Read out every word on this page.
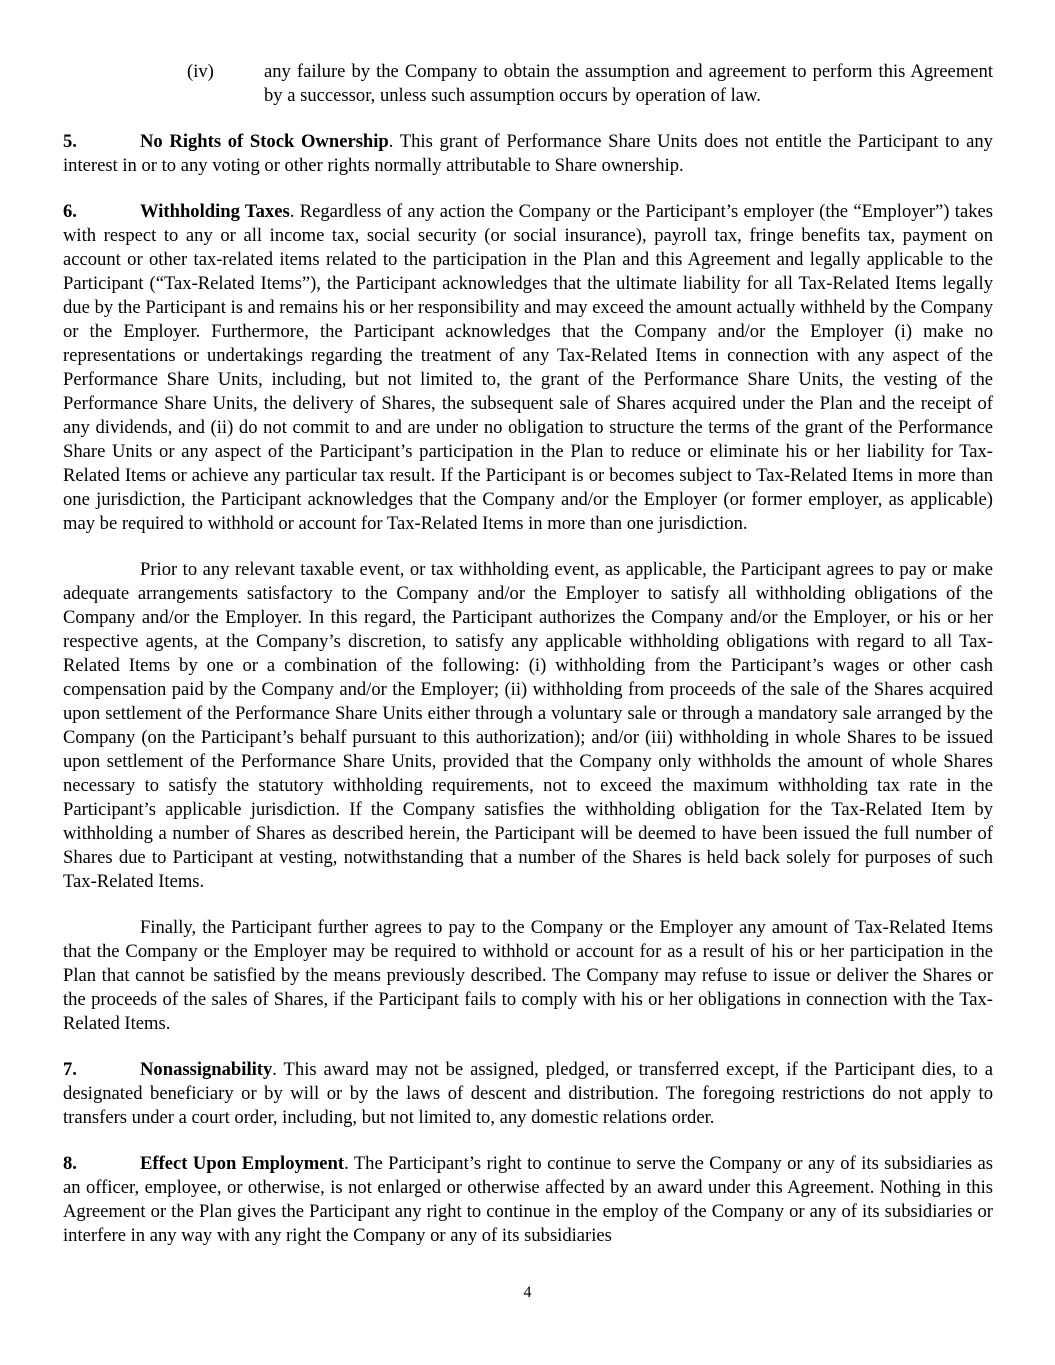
(iv)	any failure by the Company to obtain the assumption and agreement to perform this Agreement by a successor, unless such assumption occurs by operation of law.

5.	No Rights of Stock Ownership. This grant of Performance Share Units does not entitle the Participant to any interest in or to any voting or other rights normally attributable to Share ownership.

6.	Withholding Taxes. Regardless of any action the Company or the Participant’s employer (the “Employer”) takes with respect to any or all income tax, social security (or social insurance), payroll tax, fringe benefits tax, payment on account or other tax-related items related to the participation in the Plan and this Agreement and legally applicable to the Participant (“Tax-Related Items”), the Participant acknowledges that the ultimate liability for all Tax-Related Items legally due by the Participant is and remains his or her responsibility and may exceed the amount actually withheld by the Company or the Employer. Furthermore, the Participant acknowledges that the Company and/or the Employer (i) make no representations or undertakings regarding the treatment of any Tax-Related Items in connection with any aspect of the Performance Share Units, including, but not limited to, the grant of the Performance Share Units, the vesting of the Performance Share Units, the delivery of Shares, the subsequent sale of Shares acquired under the Plan and the receipt of any dividends, and (ii) do not commit to and are under no obligation to structure the terms of the grant of the Performance Share Units or any aspect of the Participant’s participation in the Plan to reduce or eliminate his or her liability for Tax-Related Items or achieve any particular tax result. If the Participant is or becomes subject to Tax-Related Items in more than one jurisdiction, the Participant acknowledges that the Company and/or the Employer (or former employer, as applicable) may be required to withhold or account for Tax-Related Items in more than one jurisdiction.

Prior to any relevant taxable event, or tax withholding event, as applicable, the Participant agrees to pay or make adequate arrangements satisfactory to the Company and/or the Employer to satisfy all withholding obligations of the Company and/or the Employer. In this regard, the Participant authorizes the Company and/or the Employer, or his or her respective agents, at the Company’s discretion, to satisfy any applicable withholding obligations with regard to all Tax-Related Items by one or a combination of the following: (i) withholding from the Participant’s wages or other cash compensation paid by the Company and/or the Employer; (ii) withholding from proceeds of the sale of the Shares acquired upon settlement of the Performance Share Units either through a voluntary sale or through a mandatory sale arranged by the Company (on the Participant’s behalf pursuant to this authorization); and/or (iii) withholding in whole Shares to be issued upon settlement of the Performance Share Units, provided that the Company only withholds the amount of whole Shares necessary to satisfy the statutory withholding requirements, not to exceed the maximum withholding tax rate in the Participant’s applicable jurisdiction. If the Company satisfies the withholding obligation for the Tax-Related Item by withholding a number of Shares as described herein, the Participant will be deemed to have been issued the full number of Shares due to Participant at vesting, notwithstanding that a number of the Shares is held back solely for purposes of such Tax-Related Items.

Finally, the Participant further agrees to pay to the Company or the Employer any amount of Tax-Related Items that the Company or the Employer may be required to withhold or account for as a result of his or her participation in the Plan that cannot be satisfied by the means previously described. The Company may refuse to issue or deliver the Shares or the proceeds of the sales of Shares, if the Participant fails to comply with his or her obligations in connection with the Tax-Related Items.

7.	Nonassignability. This award may not be assigned, pledged, or transferred except, if the Participant dies, to a designated beneficiary or by will or by the laws of descent and distribution. The foregoing restrictions do not apply to transfers under a court order, including, but not limited to, any domestic relations order.

8.	Effect Upon Employment. The Participant’s right to continue to serve the Company or any of its subsidiaries as an officer, employee, or otherwise, is not enlarged or otherwise affected by an award under this Agreement. Nothing in this Agreement or the Plan gives the Participant any right to continue in the employ of the Company or any of its subsidiaries or interfere in any way with any right the Company or any of its subsidiaries

4
